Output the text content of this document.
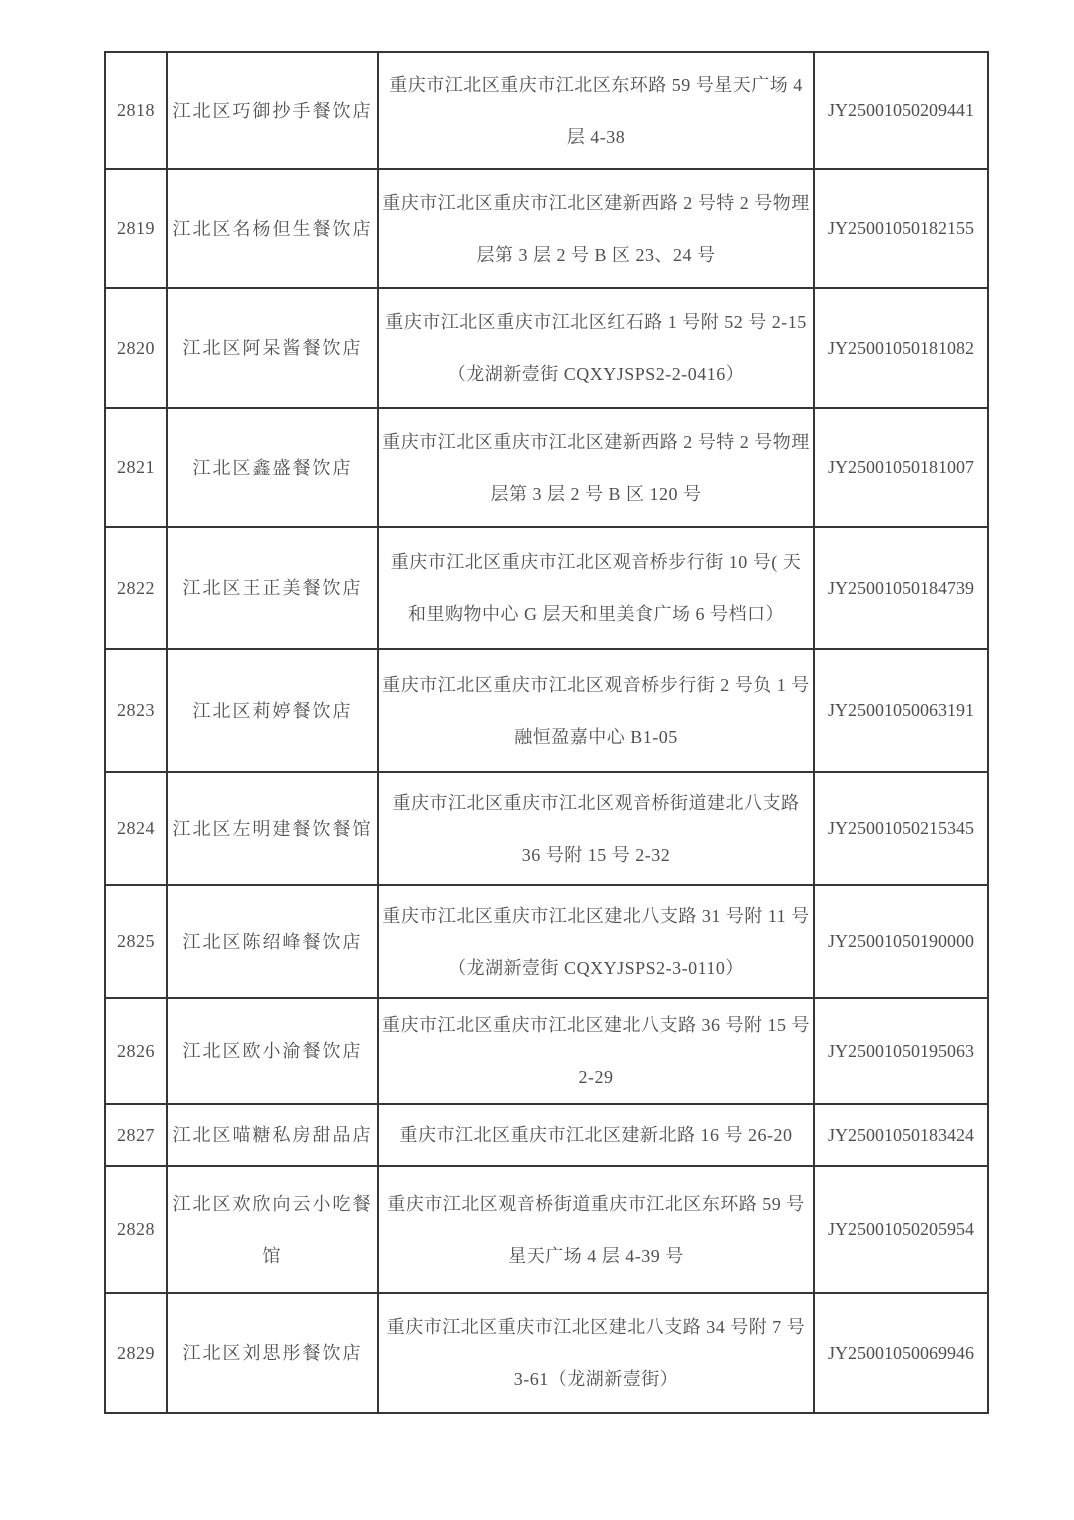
2818	江北区巧御抄手餐饮店	重庆市江北区重庆市江北区东环路 59 号星天广场 4 层 4-38	JY25001050209441
2819	江北区名杨但生餐饮店	重庆市江北区重庆市江北区建新西路 2 号特 2 号物理层第 3 层 2 号 B 区 23、24 号	JY25001050182155
2820	江北区阿呆酱餐饮店	重庆市江北区重庆市江北区红石路 1 号附 52 号 2-15（龙湖新壹街 CQXYJSPS2-2-0416）	JY25001050181082
2821	江北区鑫盛餐饮店	重庆市江北区重庆市江北区建新西路 2 号特 2 号物理层第 3 层 2 号 B 区 120 号	JY25001050181007
2822	江北区王正美餐饮店	重庆市江北区重庆市江北区观音桥步行街 10 号( 天和里购物中心 G 层天和里美食广场 6 号档口）	JY25001050184739
2823	江北区莉婷餐饮店	重庆市江北区重庆市江北区观音桥步行街 2 号负 1 号融恒盈嘉中心 B1-05	JY25001050063191
2824	江北区左明建餐饮餐馆	重庆市江北区重庆市江北区观音桥街道建北八支路 36 号附 15 号 2-32	JY25001050215345
2825	江北区陈绍峰餐饮店	重庆市江北区重庆市江北区建北八支路 31 号附 11 号（龙湖新壹街 CQXYJSPS2-3-0110）	JY25001050190000
2826	江北区欧小渝餐饮店	重庆市江北区重庆市江北区建北八支路 36 号附 15 号 2-29	JY25001050195063
2827	江北区喵糖私房甜品店	重庆市江北区重庆市江北区建新北路 16 号 26-20	JY25001050183424
2828	江北区欢欣向云小吃餐馆	重庆市江北区观音桥街道重庆市江北区东环路 59 号星天广场 4 层 4-39 号	JY25001050205954
2829	江北区刘思彤餐饮店	重庆市江北区重庆市江北区建北八支路 34 号附 7 号 3-61（龙湖新壹街）	JY25001050069946
